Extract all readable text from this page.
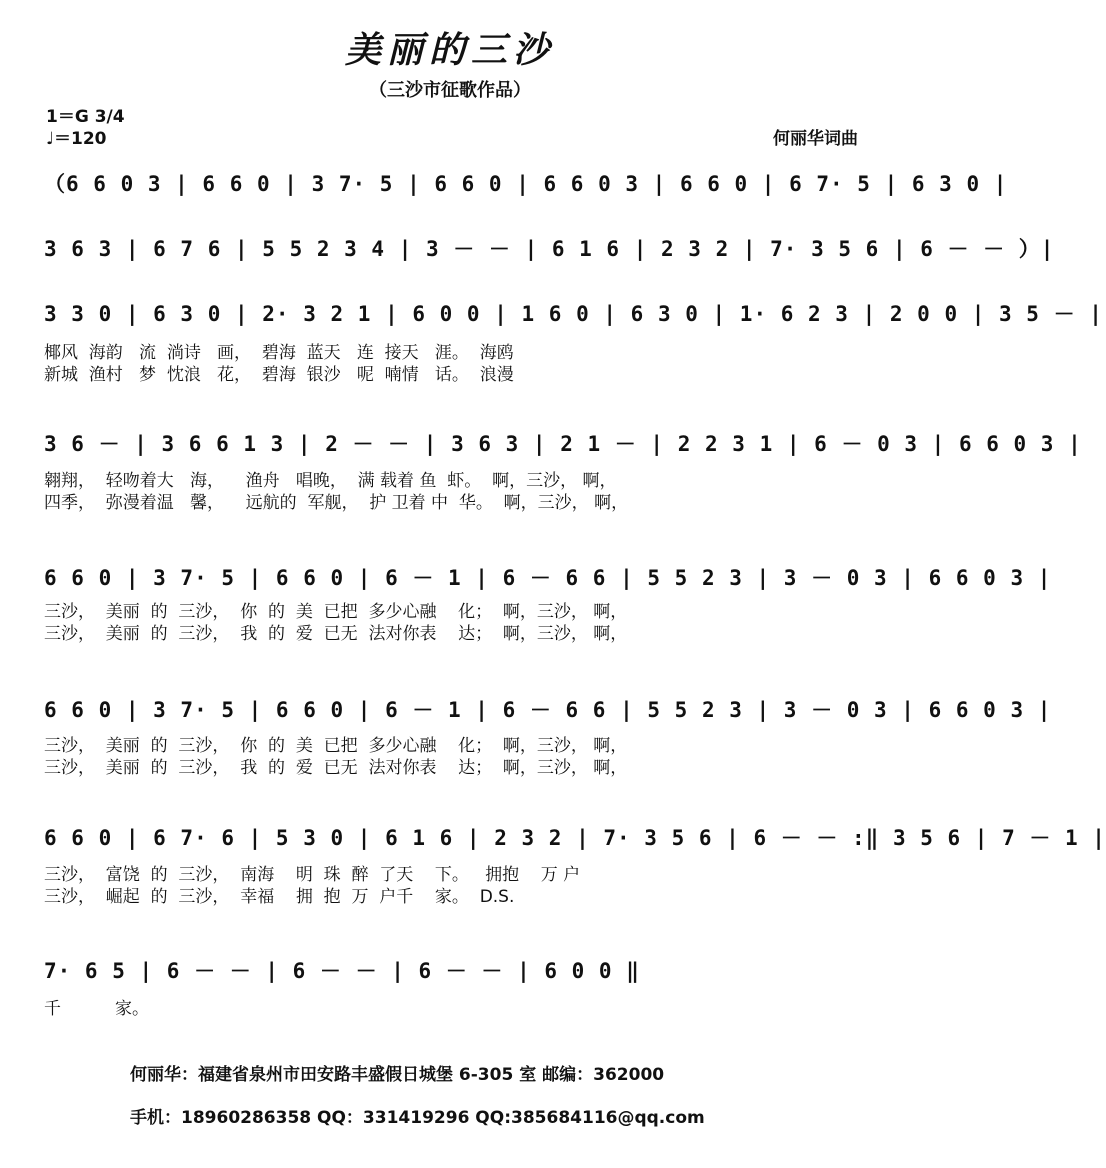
美丽的三沙
（三沙市征歌作品）
1＝G 3/4
♩＝120	何丽华词曲
（6 6 0 3 | 6 6 0 | 3 7· 5 | 6 6 0 | 6 6 0 3 | 6 6 0 | 6 7· 5 | 6 3 0 |
3 6 3 | 6 7 6 | 5 5 2 3 4 | 3 － － | 6 1 6 | 2 3 2 | 7· 3 5 6 | 6 － － ）|
3 3 0 | 6 3 0 | 2· 3 2 1 | 6 0 0 | 1 6 0 | 6 3 0 | 1· 6 2 3 | 2 0 0 | 3 5 － |
椰风  海韵   流  淌诗   画，  碧海  蓝天   连  接天   涯。  海鸥
新城  渔村   梦  忱浪   花，  碧海  银沙   呢  喃情   话。  浪漫
3 6 － | 3 6 6 1 3 | 2 － － | 3 6 3 | 2 1 － | 2 2 3 1 | 6 － 0 3 | 6 6 0 3 |
翱翔，  轻吻着大   海，    渔舟   唱晚，  满 载着 鱼  虾。  啊，三沙， 啊，
四季，  弥漫着温   馨，    远航的  军舰，  护 卫着 中  华。  啊，三沙， 啊，
6 6 0 | 3 7· 5 | 6 6 0 | 6 － 1 | 6 － 6 6 | 5 5 2 3 | 3 － 0 3 | 6 6 0 3 |
三沙，  美丽  的  三沙，  你  的  美  已把  多少心融    化；  啊，三沙， 啊，
三沙，  美丽  的  三沙，  我  的  爱  已无  法对你表    达；  啊，三沙， 啊，
6 6 0 | 3 7· 5 | 6 6 0 | 6 － 1 | 6 － 6 6 | 5 5 2 3 | 3 － 0 3 | 6 6 0 3 |
三沙，  美丽  的  三沙，  你  的  美  已把  多少心融    化；  啊，三沙， 啊，
三沙，  美丽  的  三沙，  我  的  爱  已无  法对你表    达；  啊，三沙， 啊，
6 6 0 | 6 7· 6 | 5 3 0 | 6 1 6 | 2 3 2 | 7· 3 5 6 | 6 － － :‖ 3 5 6 | 7 － 1 |
三沙，  富饶  的  三沙，  南海    明  珠  醉  了天    下。   拥抱    万 户
三沙，  崛起  的  三沙，  幸福    拥  抱  万  户千    家。  D.S.
7· 6 5 | 6 － － | 6 － － | 6 － － | 6 0 0 ‖
千          家。
何丽华：福建省泉州市田安路丰盛假日城堡 6-305 室 邮编：362000
手机：18960286358 QQ：331419296 QQ:385684116@qq.com
